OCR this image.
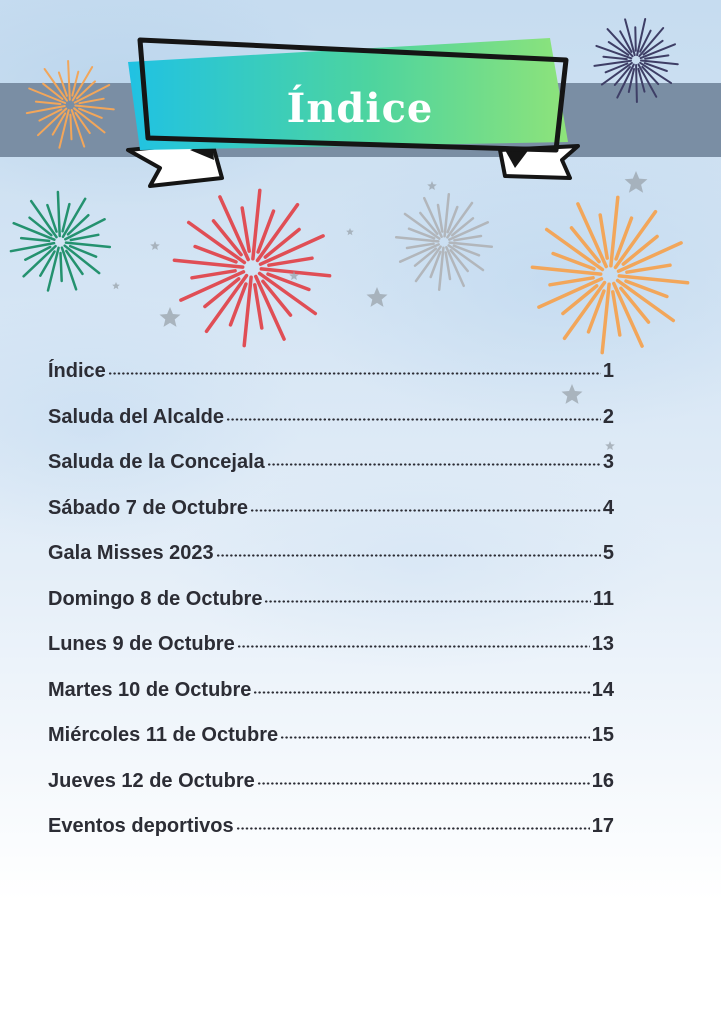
Índice
Índice	1
Saluda del Alcalde	2
Saluda de la Concejala	3
Sábado 7 de Octubre	4
Gala Misses 2023	5
Domingo 8 de Octubre	11
Lunes 9 de Octubre	13
Martes 10 de Octubre	14
Miércoles 11 de Octubre	15
Jueves 12 de Octubre	16
Eventos deportivos	17
